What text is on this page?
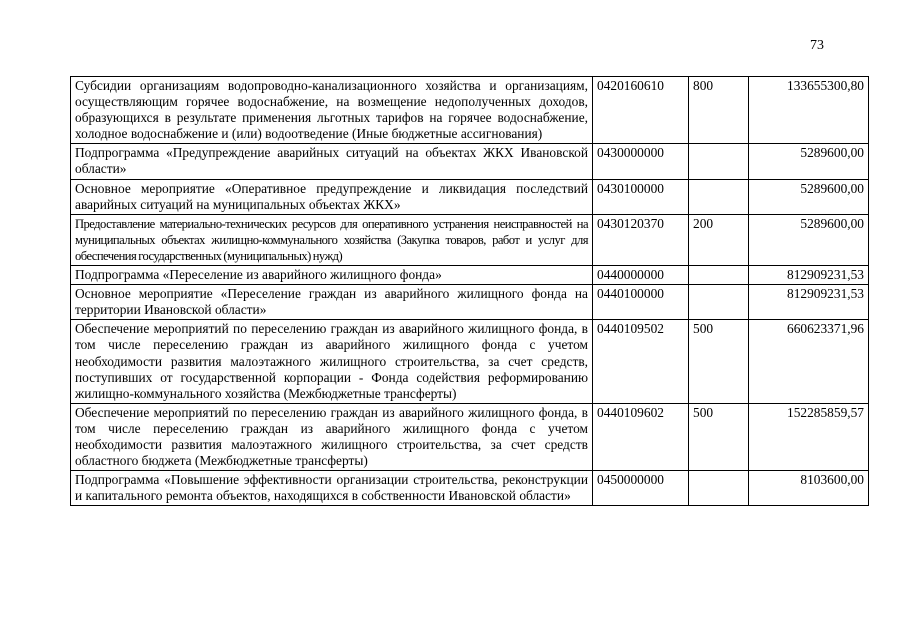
73
Субсидии организациям водопроводно-канализационного хозяйства и организациям, осуществляющим горячее водоснабжение, на возмещение недополученных доходов, образующихся в результате применения льготных тарифов на горячее водоснабжение, холодное водоснабжение и (или) водоотведение (Иные бюджетные ассигнования)	0420160610	800	133655300,80
Подпрограмма «Предупреждение аварийных ситуаций на объектах ЖКХ Ивановской области»	0430000000		5289600,00
Основное мероприятие «Оперативное предупреждение и ликвидация последствий аварийных ситуаций на муниципальных объектах ЖКХ»	0430100000		5289600,00
Предоставление материально-технических ресурсов для оперативного устранения неисправностей на муниципальных объектах жилищно-коммунального хозяйства (Закупка товаров, работ и услуг для обеспечения государственных (муниципальных) нужд)	0430120370	200	5289600,00
Подпрограмма «Переселение из аварийного жилищного фонда»	0440000000		812909231,53
Основное мероприятие «Переселение граждан из аварийного жилищного фонда на территории Ивановской области»	0440100000		812909231,53
Обеспечение мероприятий по переселению граждан из аварийного жилищного фонда, в том числе переселению граждан из аварийного жилищного фонда с учетом необходимости развития малоэтажного жилищного строительства, за счет средств, поступивших от государственной корпорации - Фонда содействия реформированию жилищно-коммунального хозяйства (Межбюджетные трансферты)	0440109502	500	660623371,96
Обеспечение мероприятий по переселению граждан из аварийного жилищного фонда, в том числе переселению граждан из аварийного жилищного фонда с учетом необходимости развития малоэтажного жилищного строительства, за счет средств областного бюджета (Межбюджетные трансферты)	0440109602	500	152285859,57
Подпрограмма «Повышение эффективности организации строительства, реконструкции и капитального ремонта объектов, находящихся в собственности Ивановской области»	0450000000		8103600,00
